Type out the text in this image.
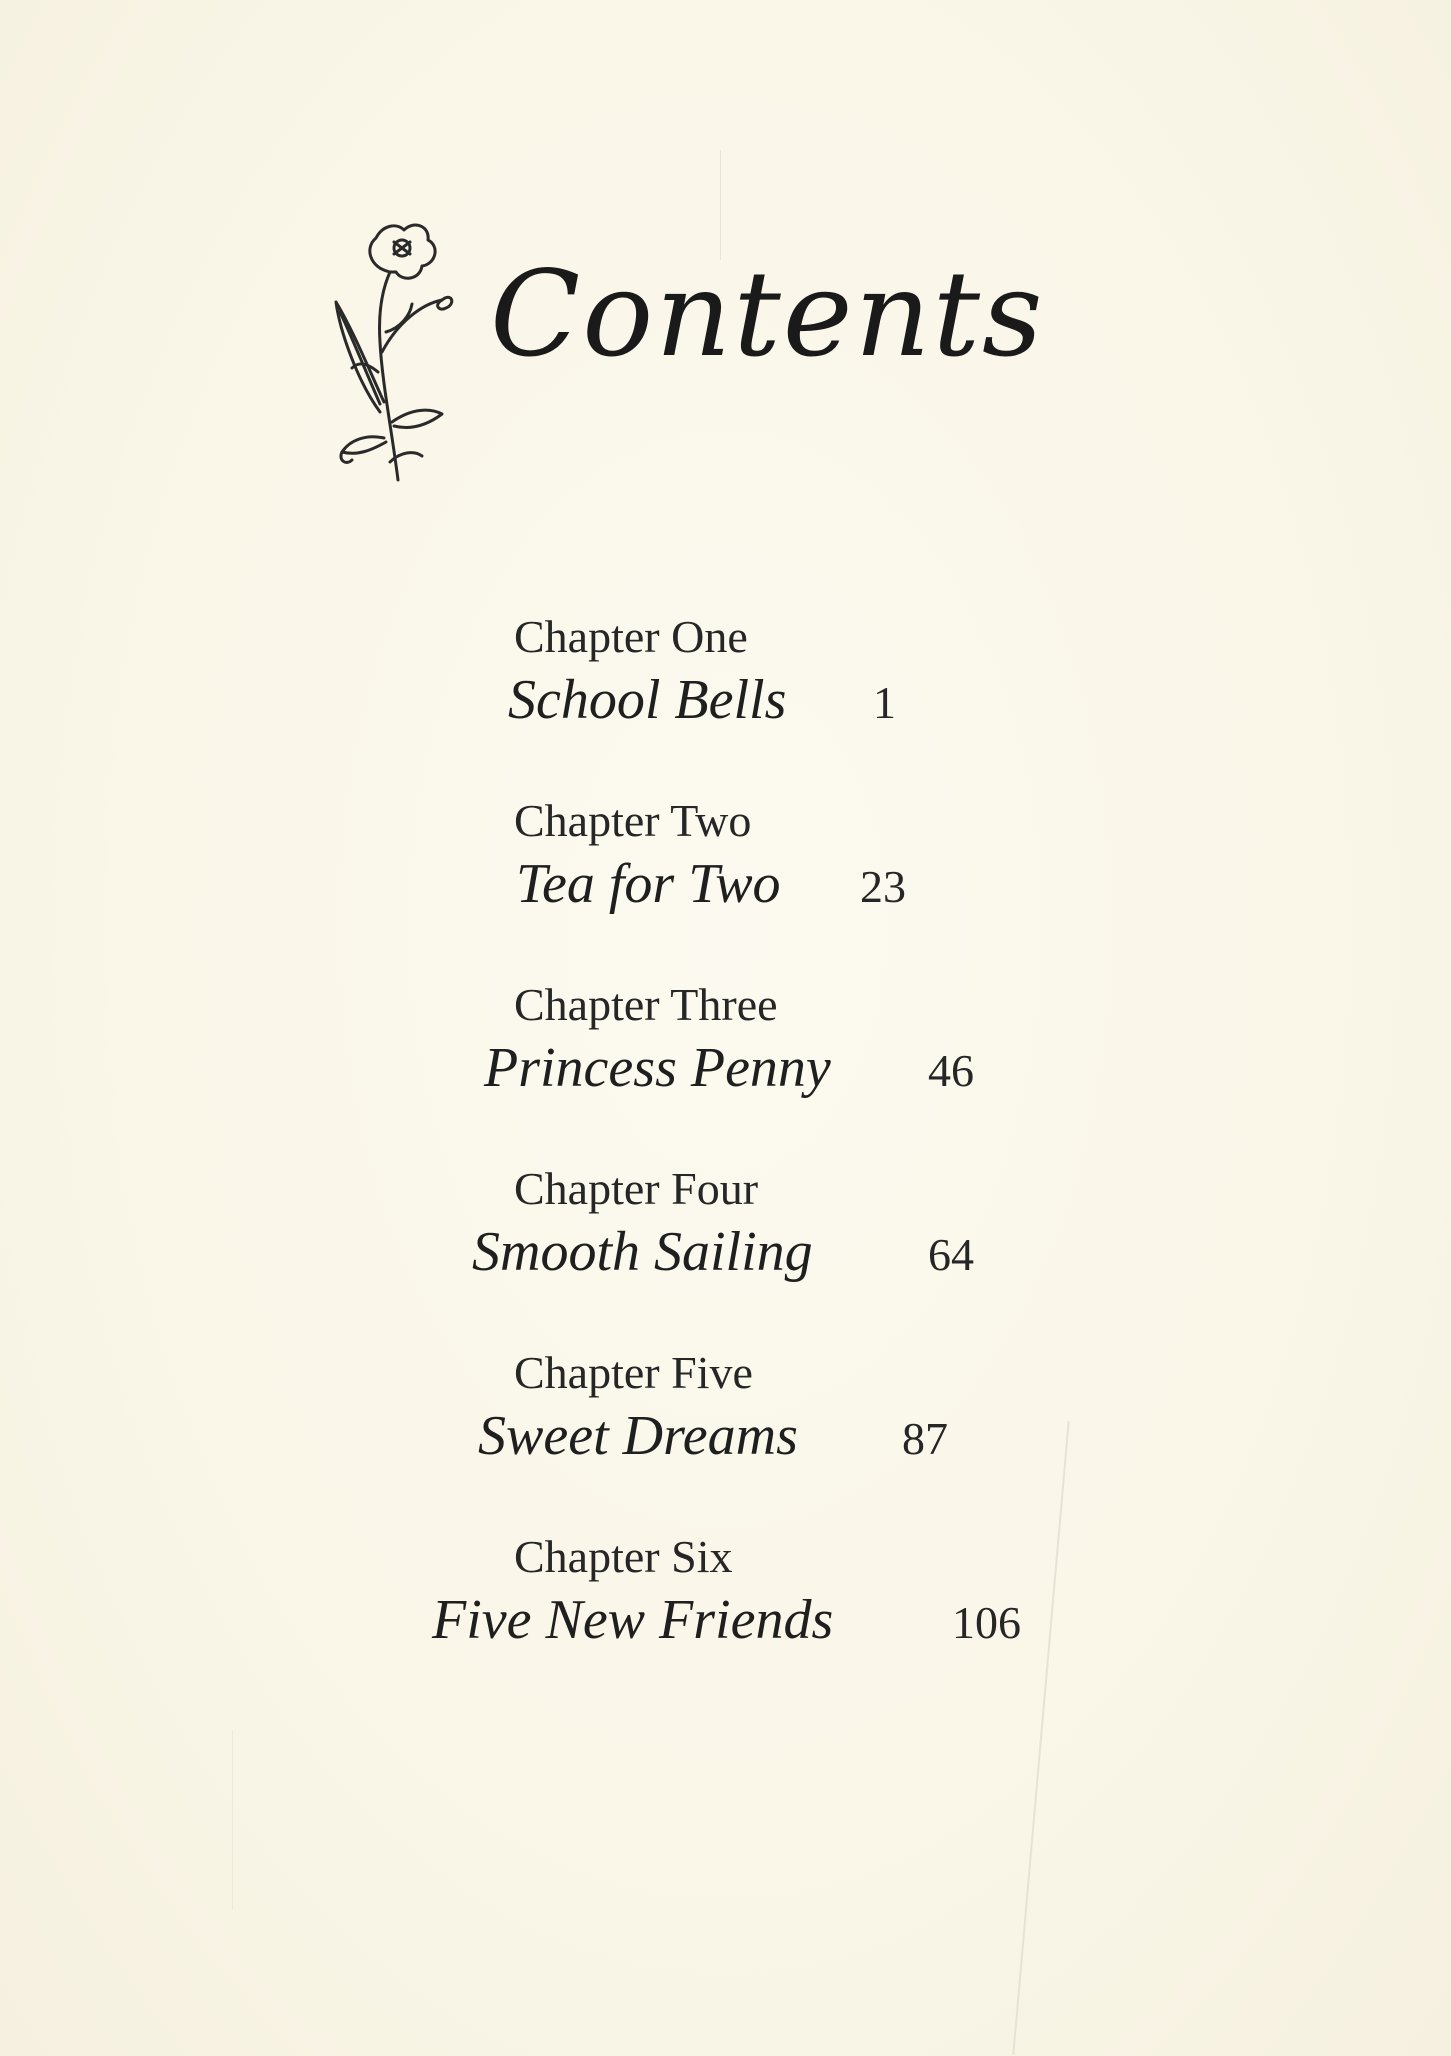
Contents
Chapter One
School Bells 1
Chapter Two
Tea for Two 23
Chapter Three
Princess Penny 46
Chapter Four
Smooth Sailing	64
Chapter Five
Sweet Dreams 87
Chapter Six
Five New Friends	106
